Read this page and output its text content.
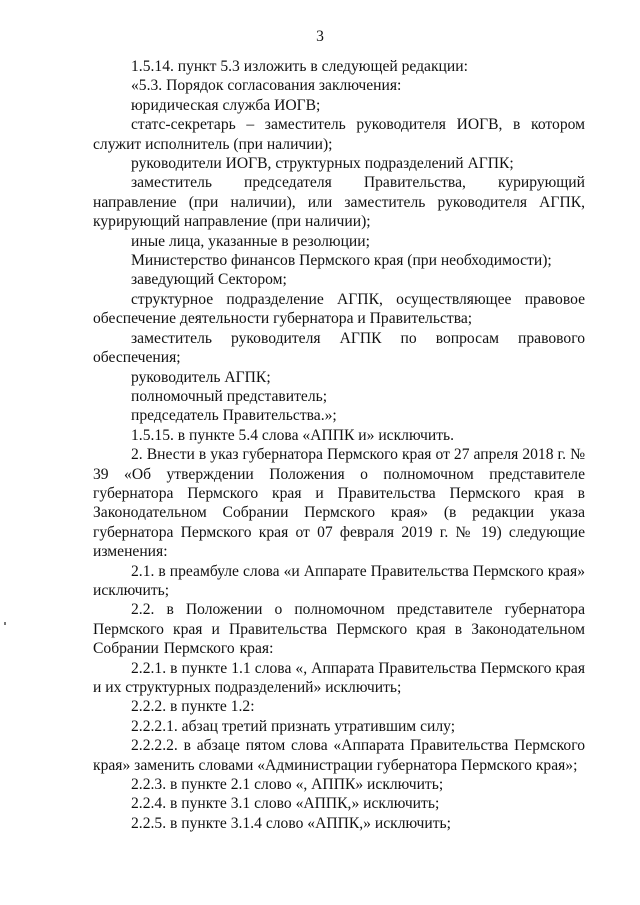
3

1.5.14. пункт 5.3 изложить в следующей редакции:

«5.3. Порядок согласования заключения:

юридическая служба ИОГВ;

статс-секретарь – заместитель руководителя ИОГВ, в котором служит исполнитель (при наличии);

руководители ИОГВ, структурных подразделений АГПК;

заместитель председателя Правительства, курирующий направление (при наличии), или заместитель руководителя АГПК, курирующий направление (при наличии);

иные лица, указанные в резолюции;

Министерство финансов Пермского края (при необходимости);

заведующий Сектором;

структурное подразделение АГПК, осуществляющее правовое обеспечение деятельности губернатора и Правительства;

заместитель руководителя АГПК по вопросам правового обеспечения;

руководитель АГПК;

полномочный представитель;

председатель Правительства.»;

1.5.15. в пункте 5.4 слова «АППК и» исключить.

2. Внести в указ губернатора Пермского края от 27 апреля 2018 г. № 39 «Об утверждении Положения о полномочном представителе губернатора Пермского края и Правительства Пермского края в Законодательном Собрании Пермского края» (в редакции указа губернатора Пермского края от 07 февраля 2019 г. № 19) следующие изменения:

2.1. в преамбуле слова «и Аппарате Правительства Пермского края» исключить;

2.2. в Положении о полномочном представителе губернатора Пермского края и Правительства Пермского края в Законодательном Собрании Пермского края:

2.2.1. в пункте 1.1 слова «, Аппарата Правительства Пермского края и их структурных подразделений» исключить;

2.2.2. в пункте 1.2:

2.2.2.1. абзац третий признать утратившим силу;

2.2.2.2. в абзаце пятом слова «Аппарата Правительства Пермского края» заменить словами «Администрации губернатора Пермского края»;

2.2.3. в пункте 2.1 слово «, АППК» исключить;

2.2.4. в пункте 3.1 слово «АППК,» исключить;

2.2.5. в пункте 3.1.4 слово «АППК,» исключить;
